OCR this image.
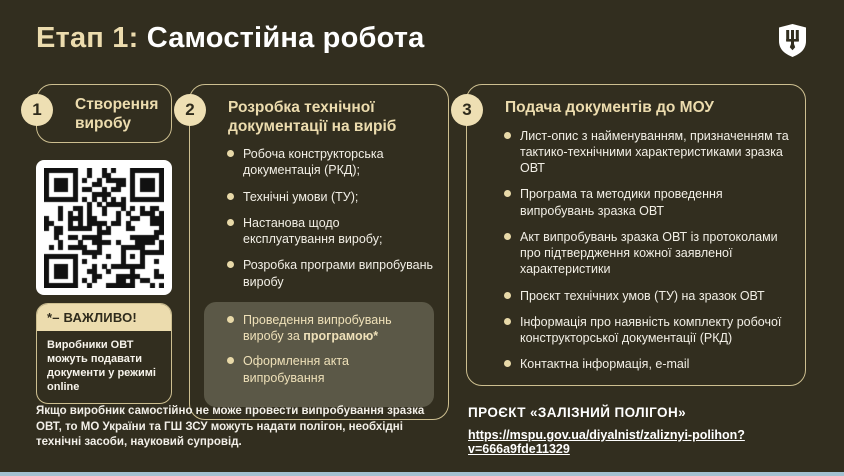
Етап 1: Самостійна робота
1	Створення виробу
*– ВАЖЛИВО!
Виробники ОВТ можуть подавати документи у режимі online
2	Розробка технічної документації на виріб
Робоча конструкторська документація (РКД);
Технічні умови (ТУ);
Настанова щодо експлуатування виробу;
Розробка програми випробувань виробу
Проведення випробувань виробу за програмою*
Оформлення акта випробування
3	Подача документів до МОУ
Лист-опис з найменуванням, призначенням та тактико-технічними характеристиками зразка ОВТ
Програма та методики проведення випробувань зразка ОВТ
Акт випробувань зразка ОВТ із протоколами про підтвердження кожної заявленої характеристики
Проєкт технічних умов (ТУ) на зразок ОВТ
Інформація про наявність комплекту робочої конструкторської документації (РКД)
Контактна інформація, e-mail
Якщо виробник самостійно не може провести випробування зразка ОВТ, то МО України та ГШ ЗСУ можуть надати полігон, необхідні технічні засоби, науковий супровід.
ПРОЄКТ «ЗАЛІЗНИЙ ПОЛІГОН»
https://mspu.gov.ua/diyalnist/zaliznyi-polihon?v=666a9fde11329
